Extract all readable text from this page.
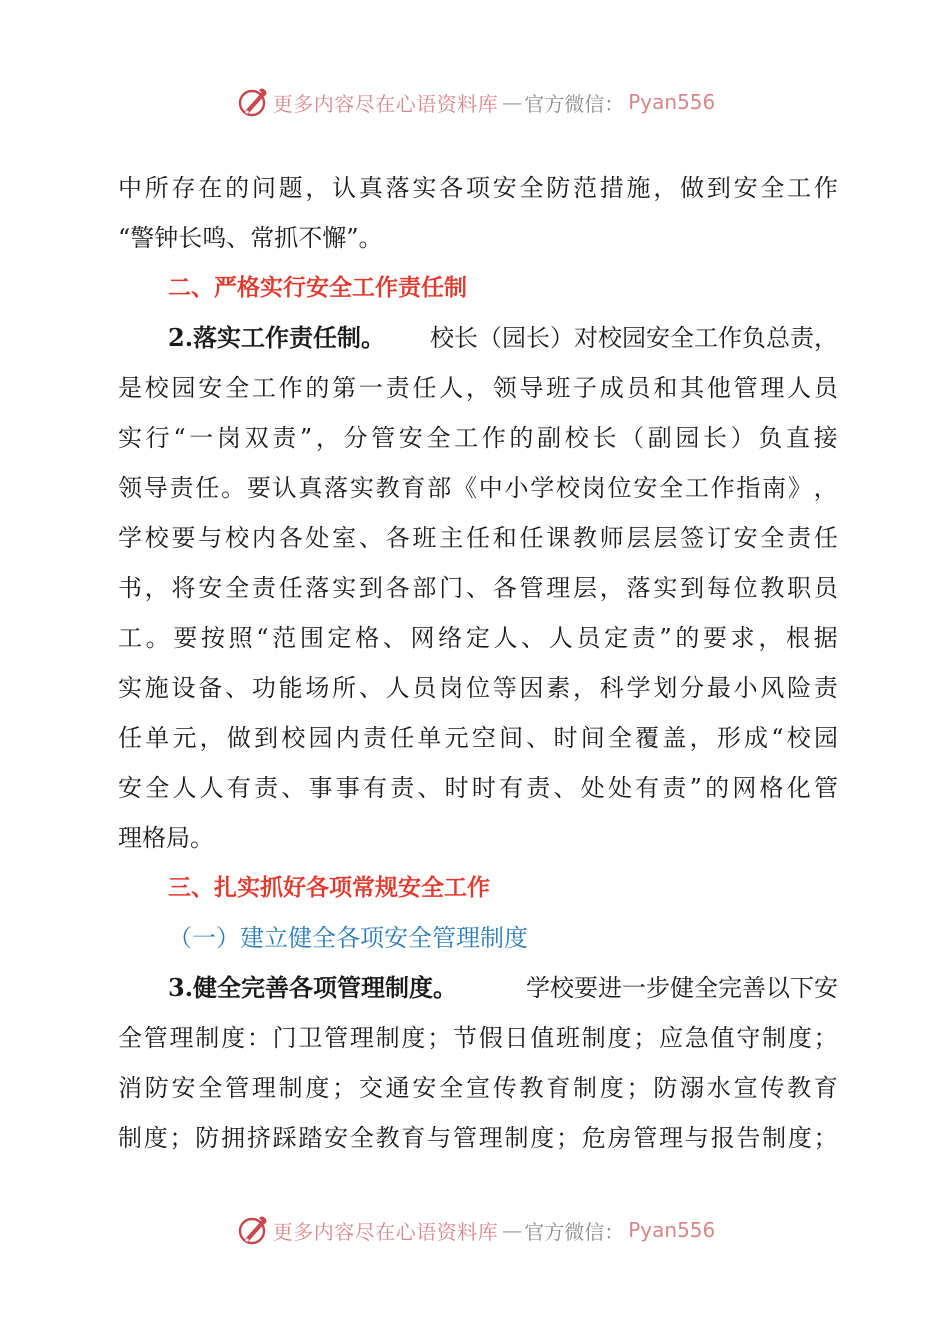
更多内容尽在心语资料库 — 官方微信： Pyan556
中 所 存 在 的 问 题 ， 认 真 落 实 各 项 安 全 防 范 措 施 ， 做 到 安 全 工 作
“警钟长鸣、常抓不懈”。
二、严格实行安全工作责任制
2.落实工作责任制。 校长（园长）对校园安全工作负总责，
是 校 园 安 全 工 作 的 第 一 责 任 人 ， 领 导 班 子 成 员 和 其 他 管 理 人 员
实 行 “ 一 岗 双 责 ” ， 分 管 安 全 工 作 的 副 校 长 （ 副 园 长 ） 负 直 接
领 导 责 任 。 要 认 真 落 实 教 育 部 《 中 小 学 校 岗 位 安 全 工 作 指 南 》 ，
学 校 要 与 校 内 各 处 室 、 各 班 主 任 和 任 课 教 师 层 层 签 订 安 全 责 任
书 ， 将 安 全 责 任 落 实 到 各 部 门 、 各 管 理 层 ， 落 实 到 每 位 教 职 员
工 。 要 按 照 “ 范 围 定 格 、 网 络 定 人 、 人 员 定 责 ” 的 要 求 ， 根 据
实 施 设 备 、 功 能 场 所 、 人 员 岗 位 等 因 素 ， 科 学 划 分 最 小 风 险 责
任 单 元 ， 做 到 校 园 内 责 任 单 元 空 间 、 时 间 全 覆 盖 ， 形 成 “ 校 园
安 全 人 人 有 责 、 事 事 有 责 、 时 时 有 责 、 处 处 有 责 ” 的 网 格 化 管
理格局。
三、扎实抓好各项常规安全工作
（一）建立健全各项安全管理制度
3.健全完善各项管理制度。	学校要进一步健全完善以下安
全 管 理 制 度 ： 门 卫 管 理 制 度 ； 节 假 日 值 班 制 度 ； 应 急 值 守 制 度 ；
消 防 安 全 管 理 制 度 ； 交 通 安 全 宣 传 教 育 制 度 ； 防 溺 水 宣 传 教 育
制 度 ； 防 拥 挤 踩 踏 安 全 教 育 与 管 理 制 度 ； 危 房 管 理 与 报 告 制 度 ；
更多内容尽在心语资料库 — 官方微信： Pyan556
